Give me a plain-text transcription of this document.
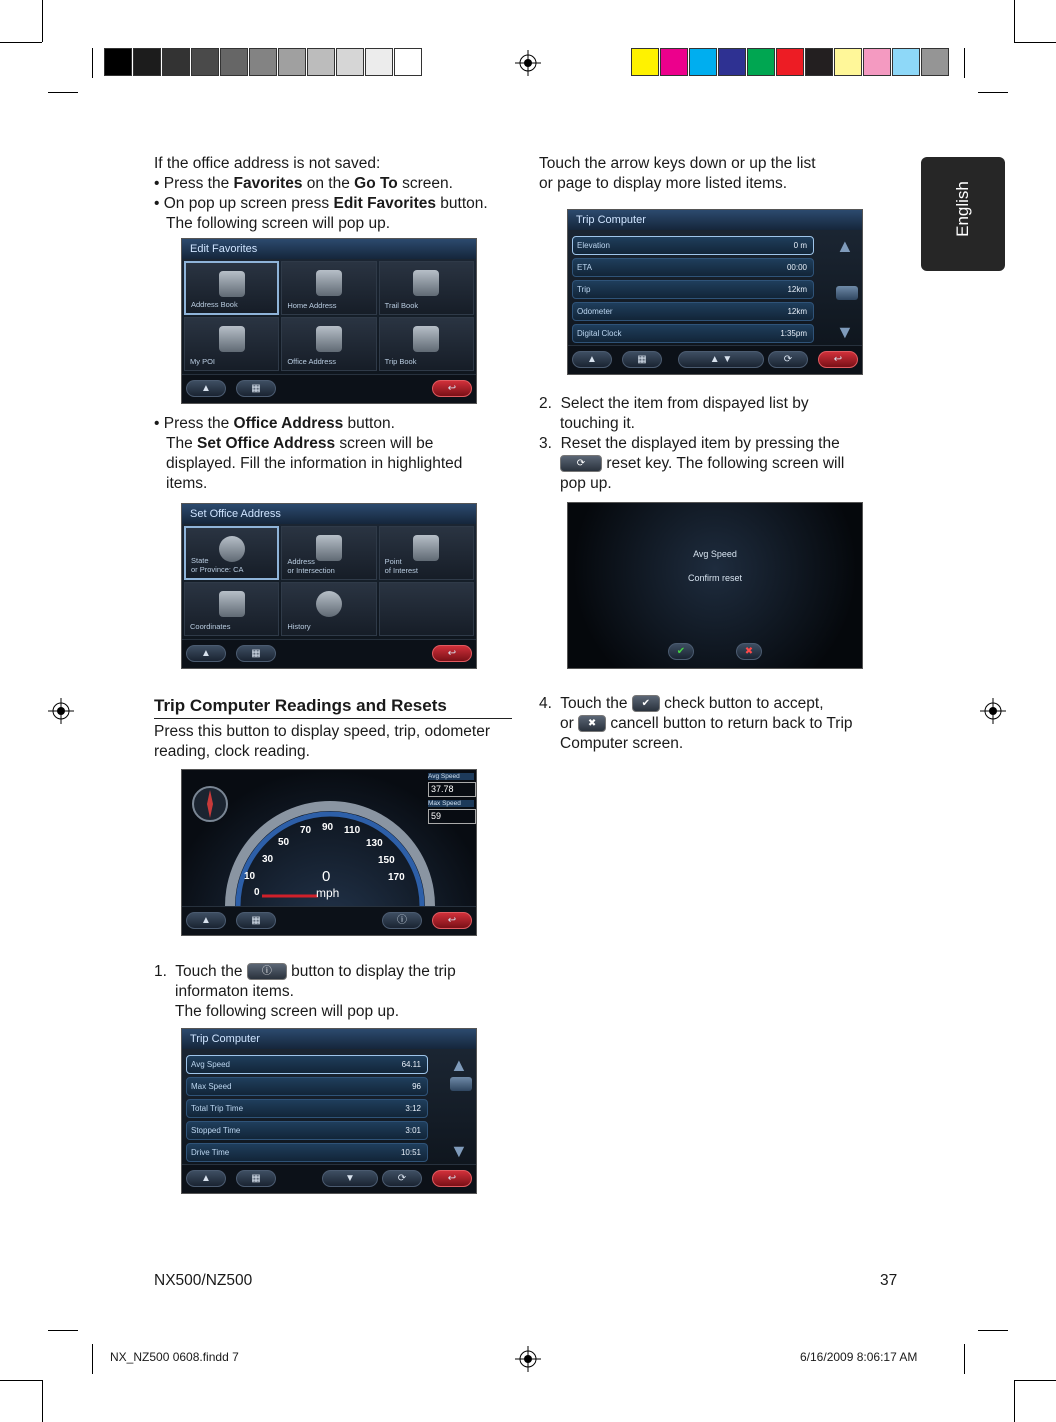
English
If the office address is not saved:
• Press the Favorites on the Go To screen.
• On pop up screen press Edit Favorites button.
The following screen will pop up.
Edit Favorites
Address Book	Home Address	Trail Book
My POI	Office Address	Trip Book
▲	▦	↩
• Press the Office Address button.
The Set Office Address screen will be
displayed. Fill the information in highlighted
items.
Set Office Address
State
or Province: CA
Address
or Intersection
Point
of Interest
Coordinates	History
▲	▦	↩
Trip Computer Readings and Resets
Press this button to display speed, trip, odometer
reading, clock reading.
0
10
30
50
70 90 110
130
150
170
0
mph
Avg Speed
37.78
Max Speed
59
▲	▦	ⓘ	↩
1. Touch the ⓘ button to display the trip
informaton items.
The following screen will pop up.
Trip Computer
Avg Speed	64.11
Max Speed	96
Total Trip Time	3:12
Stopped Time	3:01
Drive Time	10:51
▲
▼
▲	▦	▼	⟳	↩
Touch the arrow keys down or up the list
or page to display more listed items.
Trip Computer
Elevation	0 m
ETA	00:00
Trip	12km
Odometer	12km
Digital Clock	1:35pm
▲
▼
▲	▦	▲ ▼	⟳	↩
2. Select the item from dispayed list by
touching it.
3. Reset the displayed item by pressing the
⟳ reset key. The following screen will
pop up.
Avg Speed
Confirm reset
✔	✖
4. Touch the ✔ check button to accept,
or ✖ cancell button to return back to Trip
Computer screen.
NX500/NZ500	37
NX_NZ500 0608.findd 7	6/16/2009 8:06:17 AM
